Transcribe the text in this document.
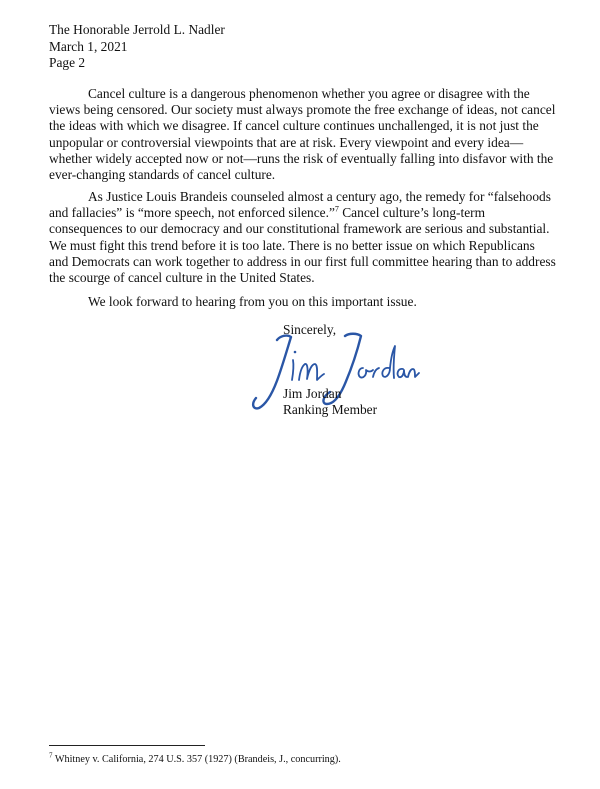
The Honorable Jerrold L. Nadler
March 1, 2021
Page 2

Cancel culture is a dangerous phenomenon whether you agree or disagree with the views being censored. Our society must always promote the free exchange of ideas, not cancel the ideas with which we disagree. If cancel culture continues unchallenged, it is not just the unpopular or controversial viewpoints that are at risk. Every viewpoint and every idea—whether widely accepted now or not—runs the risk of eventually falling into disfavor with the ever-changing standards of cancel culture.

As Justice Louis Brandeis counseled almost a century ago, the remedy for “falsehoods and fallacies” is “more speech, not enforced silence.”$^7$ Cancel culture’s long-term consequences to our democracy and our constitutional framework are serious and substantial. We must fight this trend before it is too late. There is no better issue on which Republicans and Democrats can work together to address in our first full committee hearing than to address the scourge of cancel culture in the United States.

We look forward to hearing from you on this important issue.

Sincerely,
Jim Jordan
Ranking Member
$^7$ Whitney v. California, 274 U.S. 357 (1927) (Brandeis, J., concurring).
